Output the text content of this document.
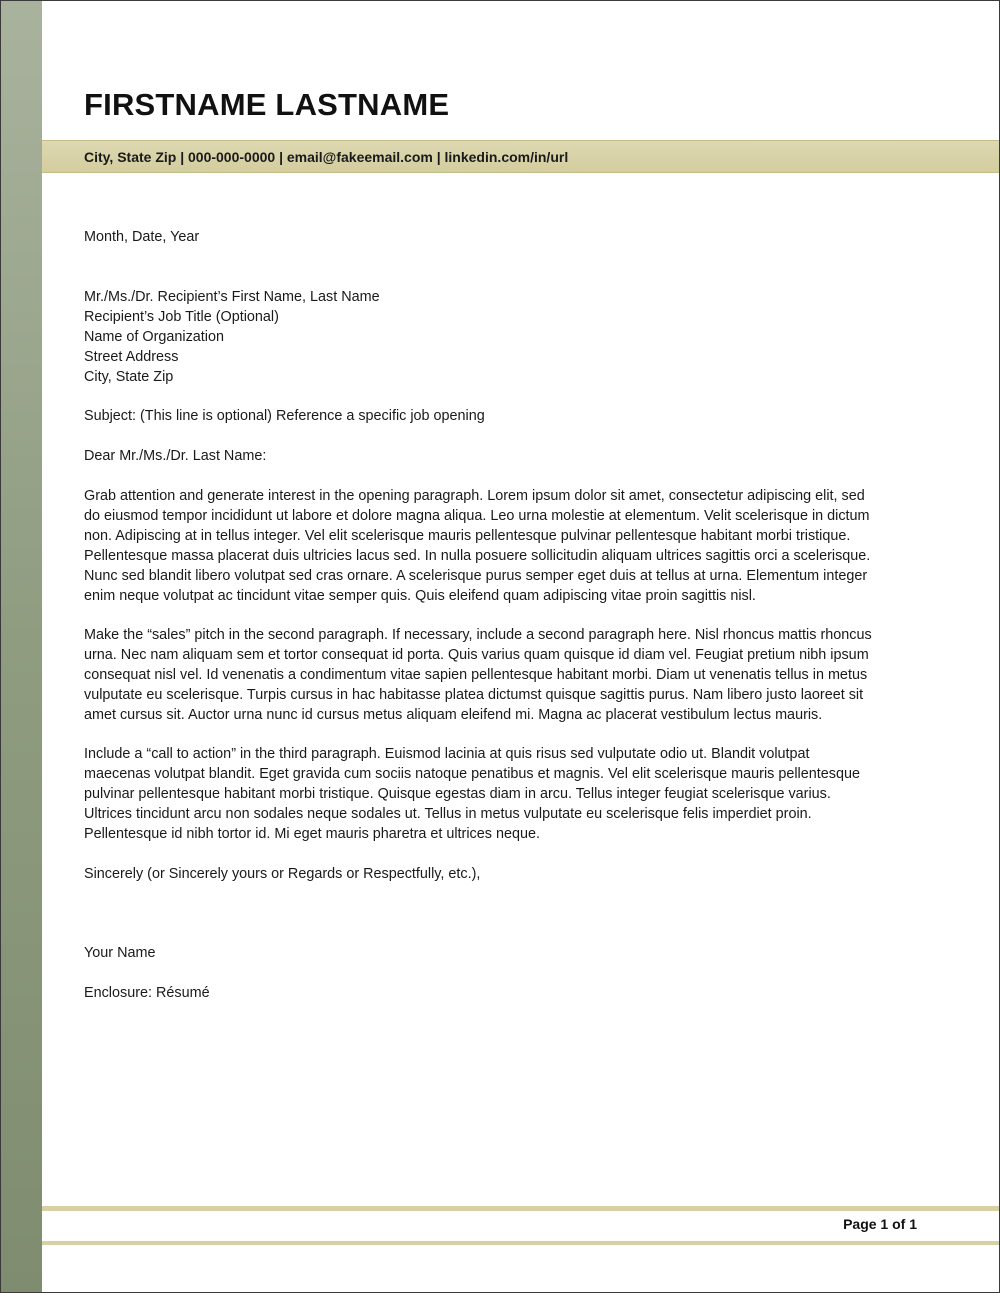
FIRSTNAME LASTNAME
City, State Zip | 000-000-0000 | email@fakeemail.com | linkedin.com/in/url

Month, Date, Year

Mr./Ms./Dr. Recipient’s First Name, Last Name
Recipient’s Job Title (Optional)
Name of Organization
Street Address
City, State Zip

Subject: (This line is optional) Reference a specific job opening

Dear Mr./Ms./Dr. Last Name:

Grab attention and generate interest in the opening paragraph. Lorem ipsum dolor sit amet, consectetur adipiscing elit, sed
do eiusmod tempor incididunt ut labore et dolore magna aliqua. Leo urna molestie at elementum. Velit scelerisque in dictum
non. Adipiscing at in tellus integer. Vel elit scelerisque mauris pellentesque pulvinar pellentesque habitant morbi tristique.
Pellentesque massa placerat duis ultricies lacus sed. In nulla posuere sollicitudin aliquam ultrices sagittis orci a scelerisque.
Nunc sed blandit libero volutpat sed cras ornare. A scelerisque purus semper eget duis at tellus at urna. Elementum integer
enim neque volutpat ac tincidunt vitae semper quis. Quis eleifend quam adipiscing vitae proin sagittis nisl.
Make the “sales” pitch in the second paragraph. If necessary, include a second paragraph here. Nisl rhoncus mattis rhoncus
urna. Nec nam aliquam sem et tortor consequat id porta. Quis varius quam quisque id diam vel. Feugiat pretium nibh ipsum
consequat nisl vel. Id venenatis a condimentum vitae sapien pellentesque habitant morbi. Diam ut venenatis tellus in metus
vulputate eu scelerisque. Turpis cursus in hac habitasse platea dictumst quisque sagittis purus. Nam libero justo laoreet sit
amet cursus sit. Auctor urna nunc id cursus metus aliquam eleifend mi. Magna ac placerat vestibulum lectus mauris.
Include a “call to action” in the third paragraph. Euismod lacinia at quis risus sed vulputate odio ut. Blandit volutpat
maecenas volutpat blandit. Eget gravida cum sociis natoque penatibus et magnis. Vel elit scelerisque mauris pellentesque
pulvinar pellentesque habitant morbi tristique. Quisque egestas diam in arcu. Tellus integer feugiat scelerisque varius.
Ultrices tincidunt arcu non sodales neque sodales ut. Tellus in metus vulputate eu scelerisque felis imperdiet proin.
Pellentesque id nibh tortor id. Mi eget mauris pharetra et ultrices neque.

Sincerely (or Sincerely yours or Regards or Respectfully, etc.),

Your Name

Enclosure: Résumé

Page 1 of 1
